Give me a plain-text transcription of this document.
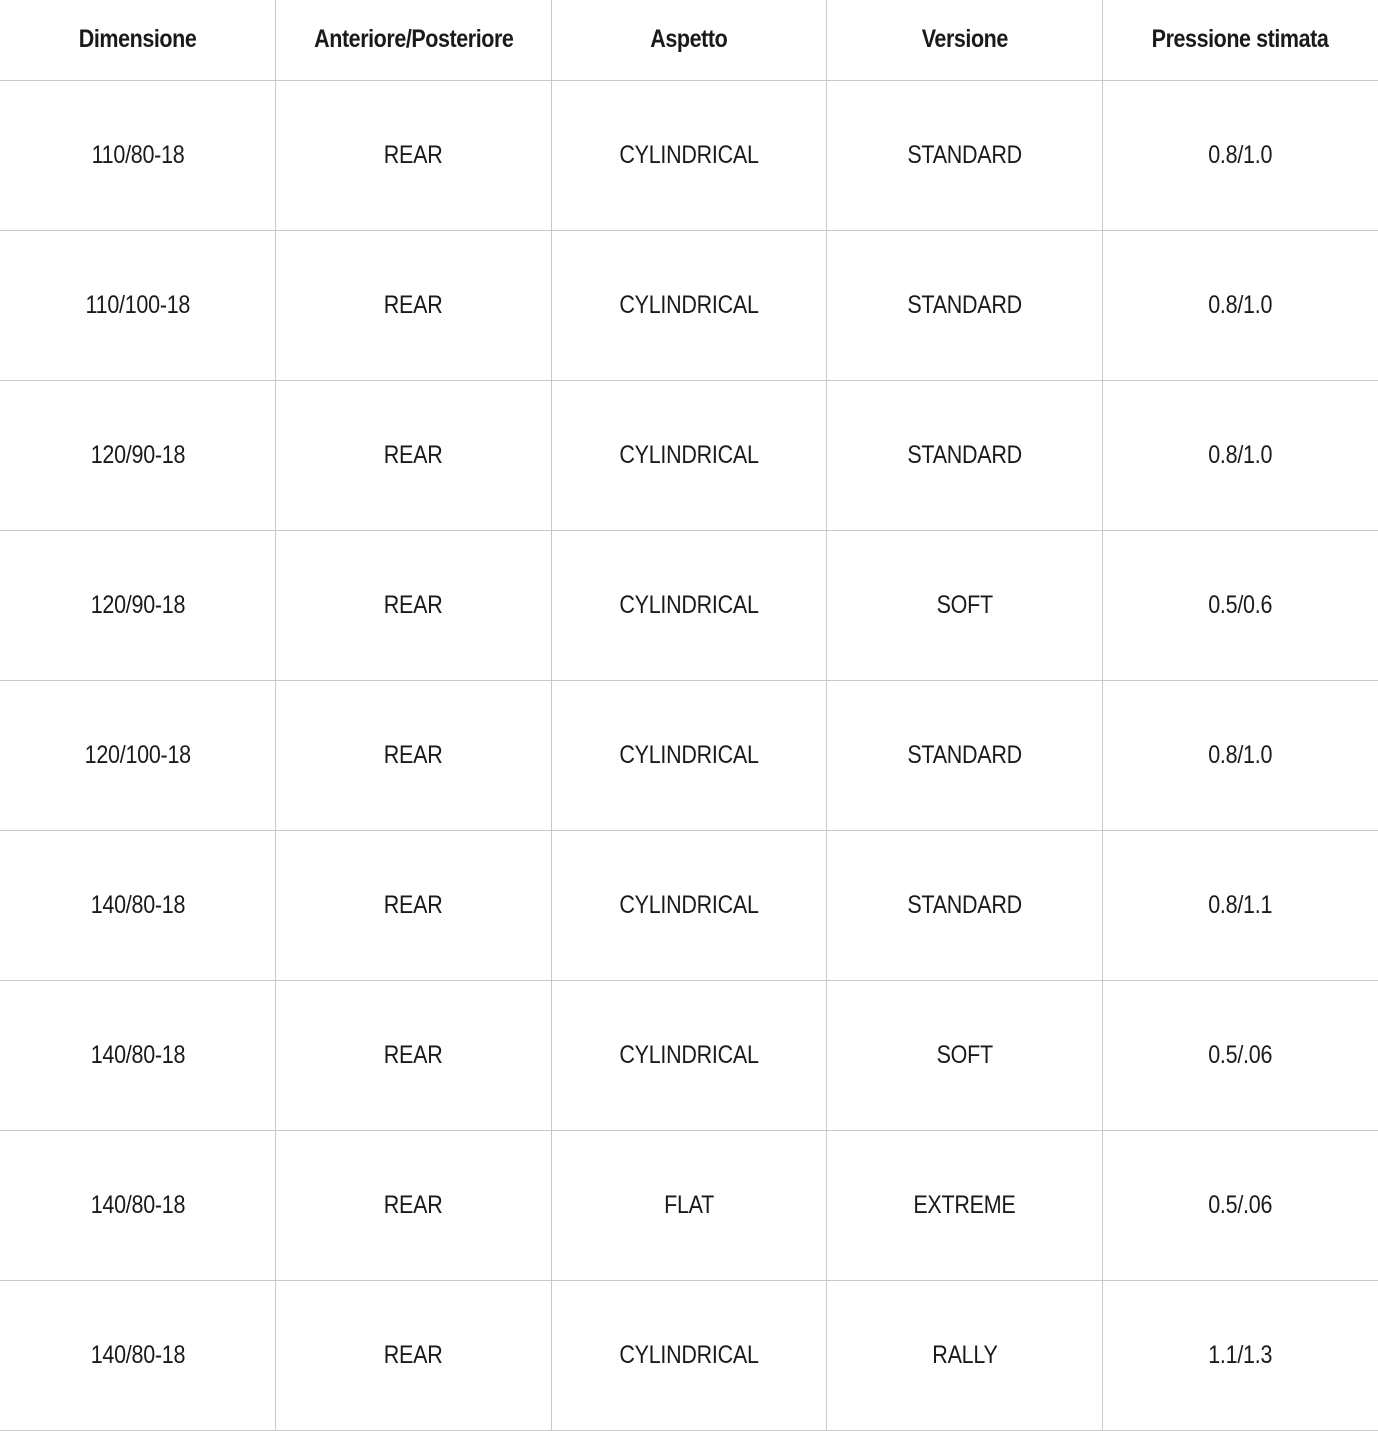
Dimensione	Anteriore/Posteriore	Aspetto	Versione	Pressione stimata
110/80-18	REAR	CYLINDRICAL	STANDARD	0.8/1.0
110/100-18	REAR	CYLINDRICAL	STANDARD	0.8/1.0
120/90-18	REAR	CYLINDRICAL	STANDARD	0.8/1.0
120/90-18	REAR	CYLINDRICAL	SOFT	0.5/0.6
120/100-18	REAR	CYLINDRICAL	STANDARD	0.8/1.0
140/80-18	REAR	CYLINDRICAL	STANDARD	0.8/1.1
140/80-18	REAR	CYLINDRICAL	SOFT	0.5/.06
140/80-18	REAR	FLAT	EXTREME	0.5/.06
140/80-18	REAR	CYLINDRICAL	RALLY	1.1/1.3
